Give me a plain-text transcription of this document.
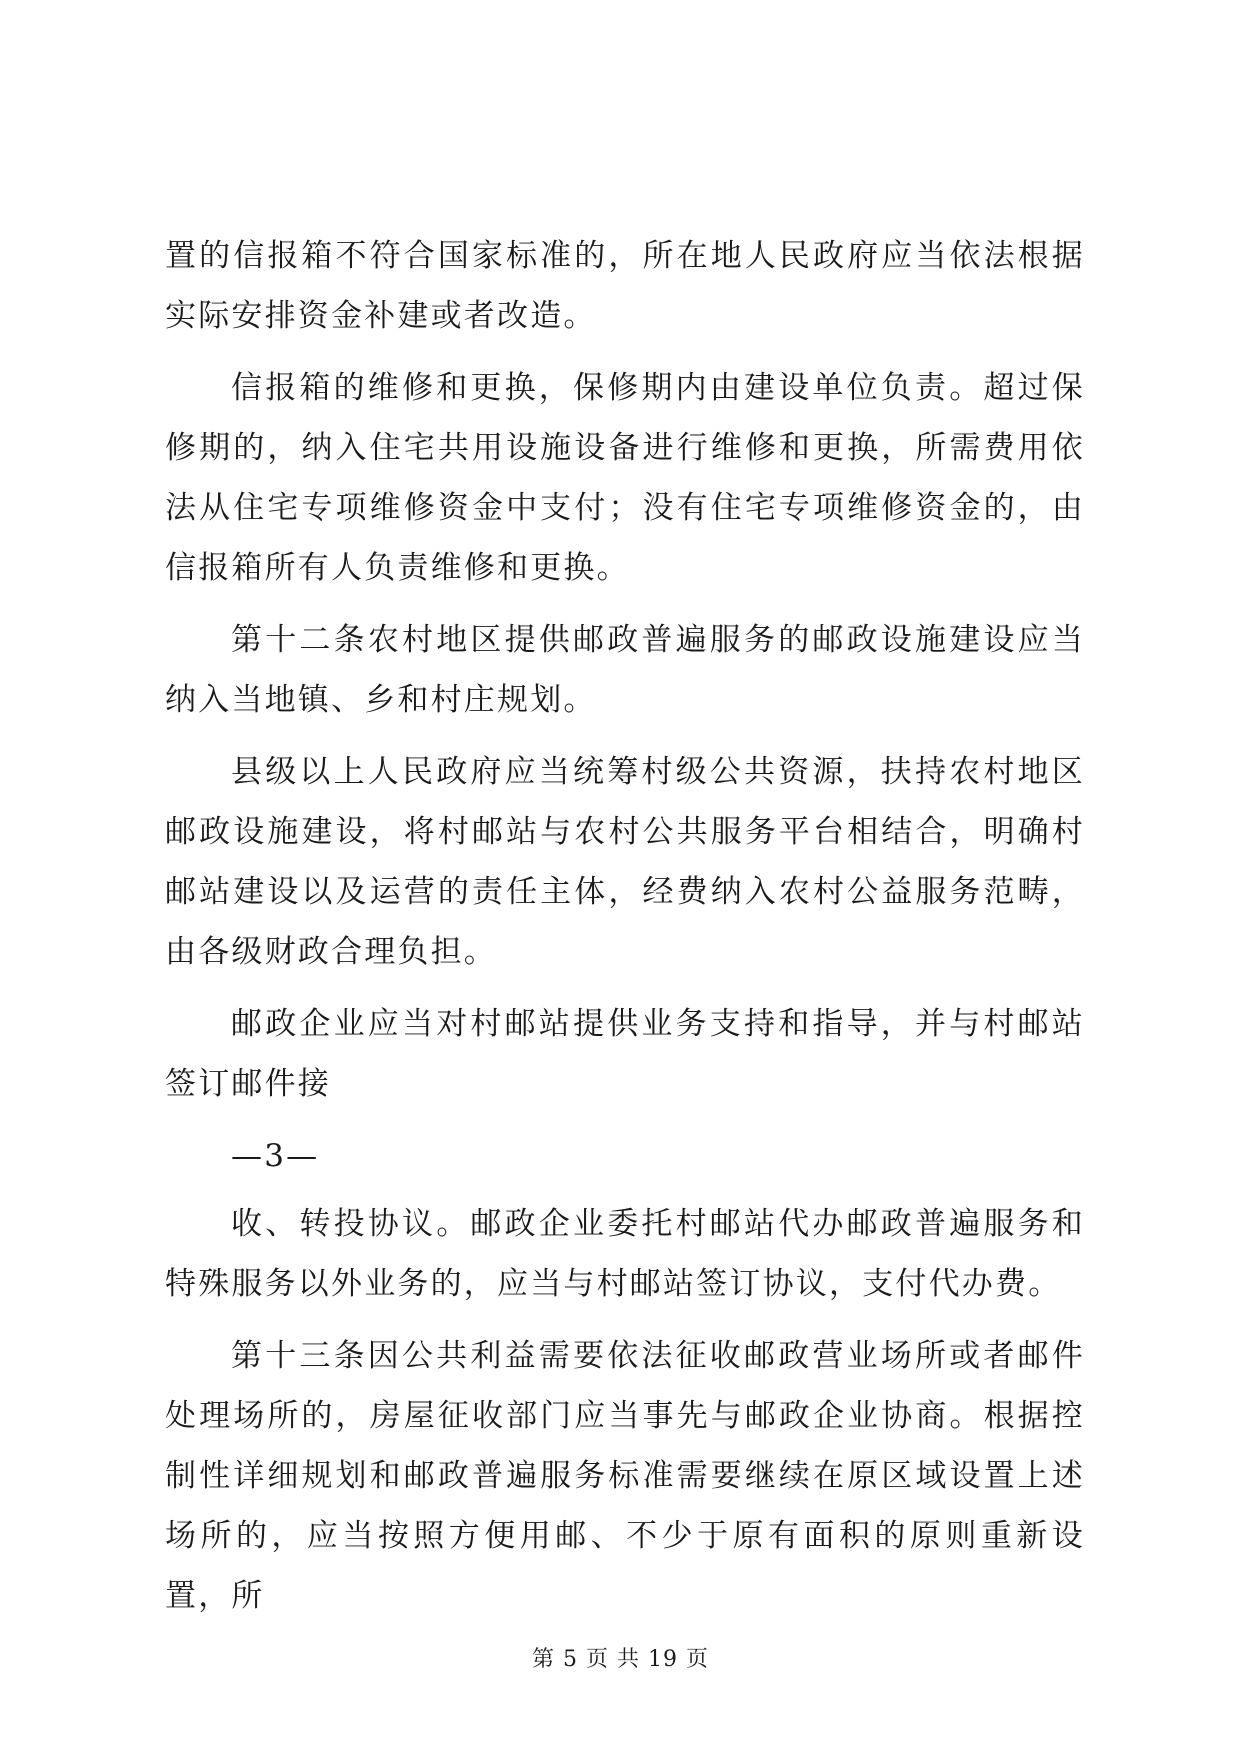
置的信报箱不符合国家标准的，所在地人民政府应当依法根据实际安排资金补建或者改造。

信报箱的维修和更换，保修期内由建设单位负责。超过保修期的，纳入住宅共用设施设备进行维修和更换，所需费用依法从住宅专项维修资金中支付；没有住宅专项维修资金的，由信报箱所有人负责维修和更换。

第十二条农村地区提供邮政普遍服务的邮政设施建设应当纳入当地镇、乡和村庄规划。

县级以上人民政府应当统筹村级公共资源，扶持农村地区邮政设施建设，将村邮站与农村公共服务平台相结合，明确村邮站建设以及运营的责任主体，经费纳入农村公益服务范畴，由各级财政合理负担。

邮政企业应当对村邮站提供业务支持和指导，并与村邮站签订邮件接

—3—

收、转投协议。邮政企业委托村邮站代办邮政普遍服务和特殊服务以外业务的，应当与村邮站签订协议，支付代办费。

第十三条因公共利益需要依法征收邮政营业场所或者邮件处理场所的，房屋征收部门应当事先与邮政企业协商。根据控制性详细规划和邮政普遍服务标准需要继续在原区域设置上述场所的，应当按照方便用邮、不少于原有面积的原则重新设置，所

第 5 页 共 19 页
